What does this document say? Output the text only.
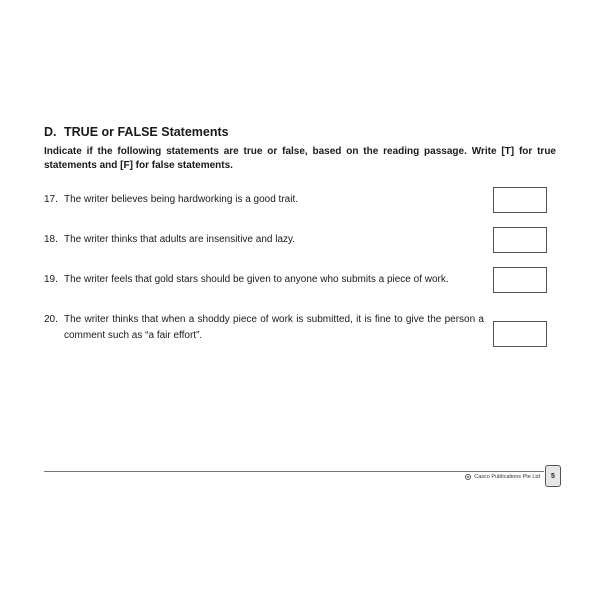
D. TRUE or FALSE Statements
Indicate if the following statements are true or false, based on the reading passage. Write [T] for true statements and [F] for false statements.
17. The writer believes being hardworking is a good trait.
18. The writer thinks that adults are insensitive and lazy.
19. The writer feels that gold stars should be given to anyone who submits a piece of work.
20. The writer thinks that when a shoddy piece of work is submitted, it is fine to give the person a comment such as “a fair effort”.
Casco Publications Pte Ltd	5
